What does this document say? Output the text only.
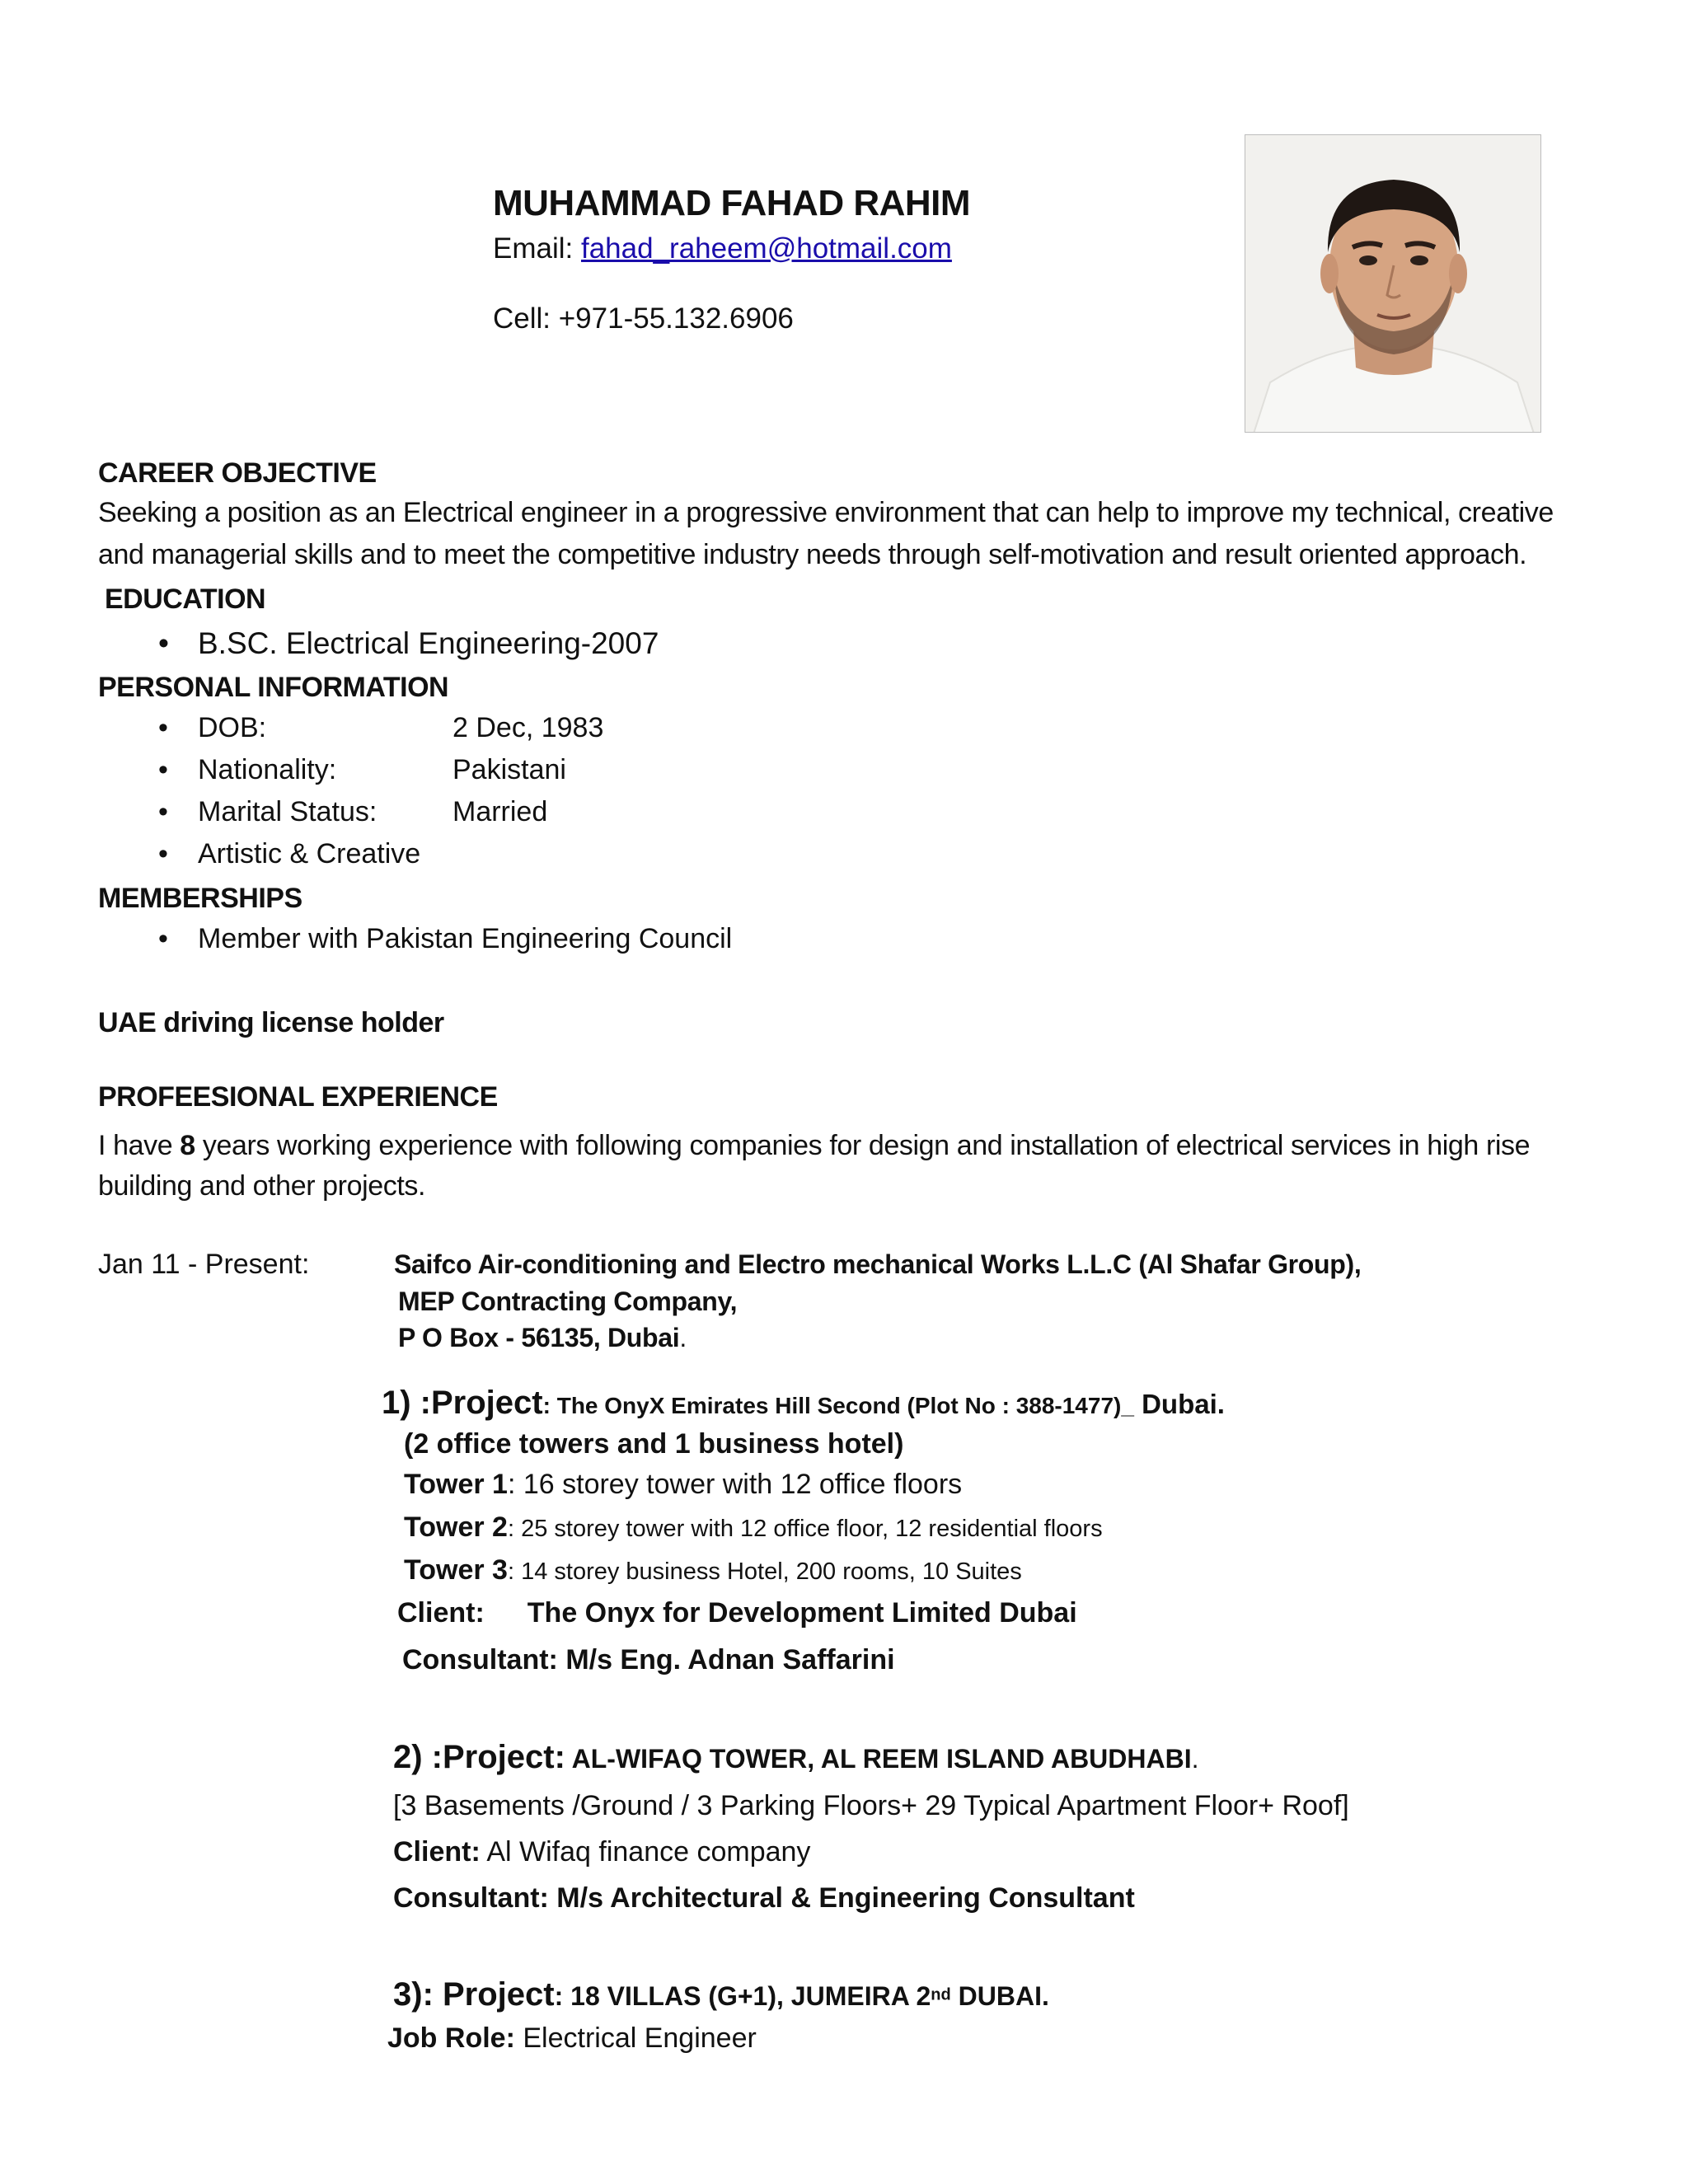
MUHAMMAD FAHAD RAHIM
Email: fahad_raheem@hotmail.com
Cell: +971-55.132.6906
CAREER OBJECTIVE
Seeking a position as an Electrical engineer in a progressive environment that can help to improve my technical, creative and managerial skills and to meet the competitive industry needs through self-motivation and result oriented approach.
EDUCATION
• B.SC. Electrical Engineering-2007
PERSONAL INFORMATION
• DOB:	2 Dec, 1983
• Nationality:	Pakistani
• Marital Status:	Married
• Artistic & Creative
MEMBERSHIPS
• Member with Pakistan Engineering Council
UAE driving license holder
PROFEESIONAL EXPERIENCE
I have 8 years working experience with following companies for design and installation of electrical services in high rise building and other projects.
Jan 11 - Present:	Saifco Air-conditioning and Electro mechanical Works L.L.C (Al Shafar Group),
MEP Contracting Company,
P O Box - 56135, Dubai.
1) :Project: The OnyX Emirates Hill Second (Plot No : 388-1477)_ Dubai.
(2 office towers and 1 business hotel)
Tower 1: 16 storey tower with 12 office floors
Tower 2: 25 storey tower with 12 office floor, 12 residential floors
Tower 3: 14 storey business Hotel, 200 rooms, 10 Suites
Client: The Onyx for Development Limited Dubai
Consultant: M/s Eng. Adnan Saffarini
2) :Project: AL-WIFAQ TOWER, AL REEM ISLAND ABUDHABI.
[3 Basements /Ground / 3 Parking Floors+ 29 Typical Apartment Floor+ Roof]
Client: Al Wifaq finance company
Consultant: M/s Architectural & Engineering Consultant
3): Project: 18 VILLAS (G+1), JUMEIRA 2nd DUBAI.
Job Role: Electrical Engineer
